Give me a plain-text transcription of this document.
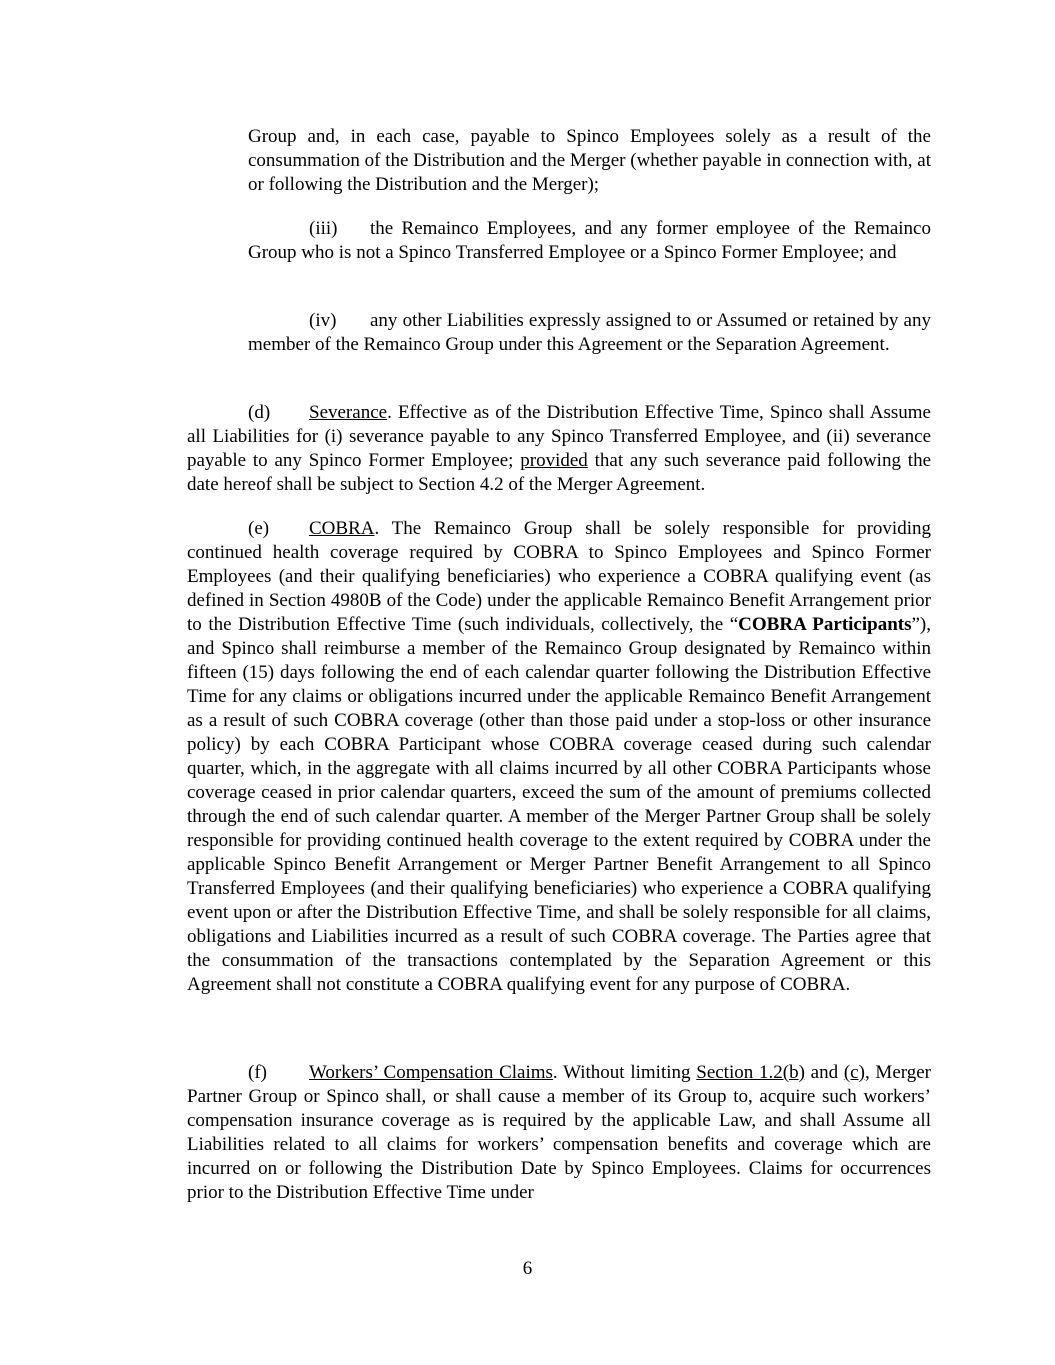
Group and, in each case, payable to Spinco Employees solely as a result of the consummation of the Distribution and the Merger (whether payable in connection with, at or following the Distribution and the Merger);

(iii) the Remainco Employees, and any former employee of the Remainco Group who is not a Spinco Transferred Employee or a Spinco Former Employee; and

(iv) any other Liabilities expressly assigned to or Assumed or retained by any member of the Remainco Group under this Agreement or the Separation Agreement.

(d) Severance. Effective as of the Distribution Effective Time, Spinco shall Assume all Liabilities for (i) severance payable to any Spinco Transferred Employee, and (ii) severance payable to any Spinco Former Employee; provided that any such severance paid following the date hereof shall be subject to Section 4.2 of the Merger Agreement.

(e) COBRA. The Remainco Group shall be solely responsible for providing continued health coverage required by COBRA to Spinco Employees and Spinco Former Employees (and their qualifying beneficiaries) who experience a COBRA qualifying event (as defined in Section 4980B of the Code) under the applicable Remainco Benefit Arrangement prior to the Distribution Effective Time (such individuals, collectively, the “COBRA Participants”), and Spinco shall reimburse a member of the Remainco Group designated by Remainco within fifteen (15) days following the end of each calendar quarter following the Distribution Effective Time for any claims or obligations incurred under the applicable Remainco Benefit Arrangement as a result of such COBRA coverage (other than those paid under a stop-loss or other insurance policy) by each COBRA Participant whose COBRA coverage ceased during such calendar quarter, which, in the aggregate with all claims incurred by all other COBRA Participants whose coverage ceased in prior calendar quarters, exceed the sum of the amount of premiums collected through the end of such calendar quarter. A member of the Merger Partner Group shall be solely responsible for providing continued health coverage to the extent required by COBRA under the applicable Spinco Benefit Arrangement or Merger Partner Benefit Arrangement to all Spinco Transferred Employees (and their qualifying beneficiaries) who experience a COBRA qualifying event upon or after the Distribution Effective Time, and shall be solely responsible for all claims, obligations and Liabilities incurred as a result of such COBRA coverage. The Parties agree that the consummation of the transactions contemplated by the Separation Agreement or this Agreement shall not constitute a COBRA qualifying event for any purpose of COBRA.

(f) Workers’ Compensation Claims. Without limiting Section 1.2(b) and (c), Merger Partner Group or Spinco shall, or shall cause a member of its Group to, acquire such workers’ compensation insurance coverage as is required by the applicable Law, and shall Assume all Liabilities related to all claims for workers’ compensation benefits and coverage which are incurred on or following the Distribution Date by Spinco Employees. Claims for occurrences prior to the Distribution Effective Time under

6
